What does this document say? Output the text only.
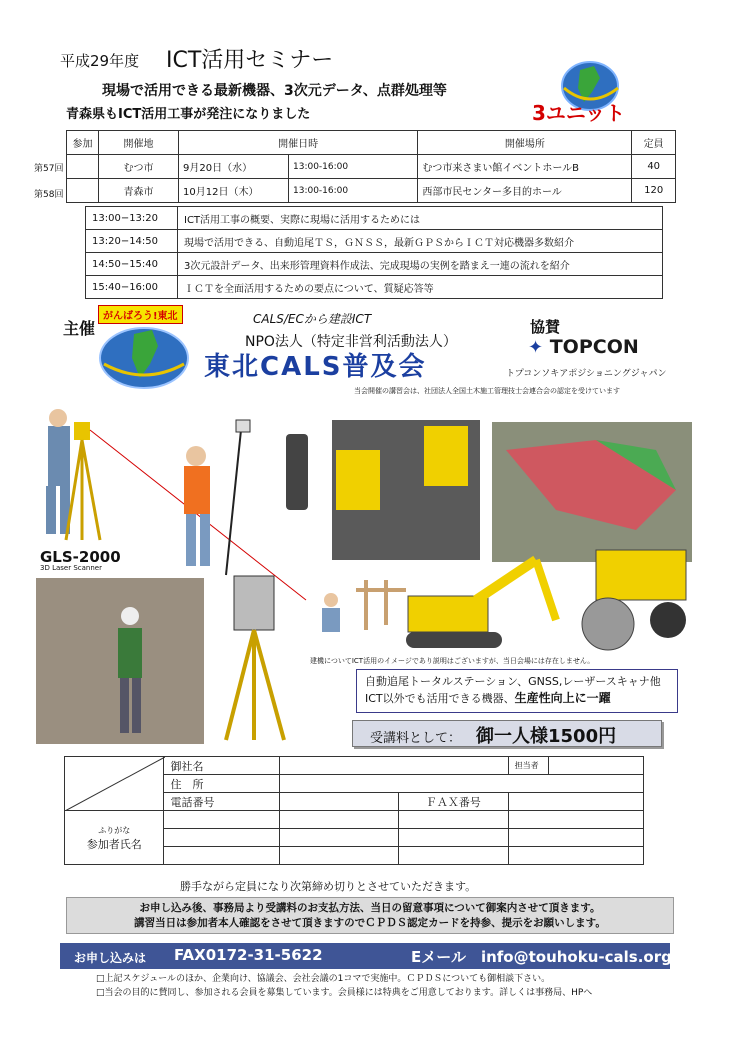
平成29年度 ICT活用セミナー
現場で活用できる最新機器、3次元データ、点群処理等
青森県もICT活用工事が発注になりました	3ユニット
第57回
第58回
参加	開催地	開催日時		開催場所	定員
	むつ市	9月20日（水）	13:00-16:00	むつ市来さまい館イベントホールB	40
	青森市	10月12日（木）	13:00-16:00	西部市民センター多目的ホール	120
13:00−13:20	ICT活用工事の概要、実際に現場に活用するためには
13:20−14:50	現場で活用できる、自動追尾ＴＳ，ＧＮＳＳ，最新ＧＰＳからＩＣＴ対応機器多数紹介
14:50−15:40	3次元設計データ、出来形管理資料作成法、完成現場の実例を踏まえ一連の流れを紹介
15:40−16:00	ＩＣＴを全面活用するための要点について、質疑応答等
主催
がんばろう!東北	CALS/ECから建設ICT
NPO法人（特定非営利活動法人）
東北CALS普及会
協賛
✦ TOPCON
トプコンソキアポジショニングジャパン
当会開催の講習会は、社団法人全国土木施工管理技士会連合会の認定を受けています
GLS-2000
3D Laser Scanner
建機についてICT活用のイメージであり説明はございますが、当日会場には存在しません。
自動追尾トータルステーション、GNSS,レーザースキャナ他
ICT以外でも活用できる機器、生産性向上に一躍
受講料として： 御一人様1500円
	御社名			担当者	
	住　所				
	電話番号		ＦＡＸ番号		

ふりがな
参加者氏名					

勝手ながら定員になり次第締め切りとさせていただきます。
お申し込み後、事務局より受講料のお支払方法、当日の留意事項について御案内させて頂きます。
講習当日は参加者本人確認をさせて頂きますのでＣＰＤＳ認定カードを持参、提示をお願いします。
お申し込みは FAX0172-31-5622	Eメール　info@touhoku-cals.org
□上記スケジュールのほか、企業向け、協議会、会社会議の1コマで実施中。ＣＰＤＳについても御相談下さい。
□当会の目的に賛同し、参加される会員を募集しています。会員様には特典をご用意しております。詳しくは事務局、HPへ
